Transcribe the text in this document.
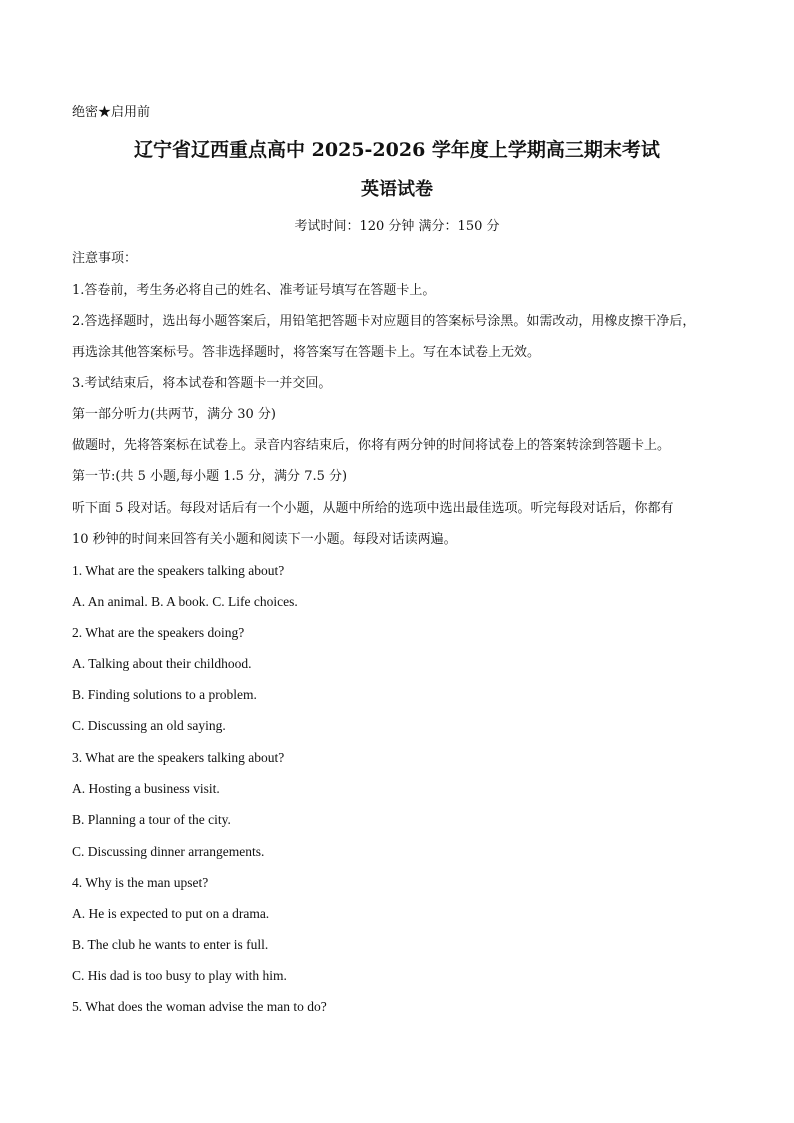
绝密★启用前
辽宁省辽西重点高中 2025-2026 学年度上学期高三期末考试
英语试卷
考试时间：120 分钟 满分：150 分
注意事项：
1.答卷前，考生务必将自己的姓名、准考证号填写在答题卡上。
2.答选择题时，选出每小题答案后，用铅笔把答题卡对应题目的答案标号涂黑。如需改动，用橡皮擦干净后，
再选涂其他答案标号。答非选择题时，将答案写在答题卡上。写在本试卷上无效。
3.考试结束后，将本试卷和答题卡一并交回。
第一部分听力(共两节，满分 30 分)
做题时，先将答案标在试卷上。录音内容结束后，你将有两分钟的时间将试卷上的答案转涂到答题卡上。
第一节:(共 5 小题,每小题 1.5 分，满分 7.5 分)
听下面 5 段对话。每段对话后有一个小题，从题中所给的选项中选出最佳选项。听完每段对话后，你都有
10 秒钟的时间来回答有关小题和阅读下一小题。每段对话读两遍。
1. What are the speakers talking about?
A. An animal. B. A book. C. Life choices.
2. What are the speakers doing?
A. Talking about their childhood.
B. Finding solutions to a problem.
C. Discussing an old saying.
3. What are the speakers talking about?
A. Hosting a business visit.
B. Planning a tour of the city.
C. Discussing dinner arrangements.
4. Why is the man upset?
A. He is expected to put on a drama.
B. The club he wants to enter is full.
C. His dad is too busy to play with him.
5. What does the woman advise the man to do?
